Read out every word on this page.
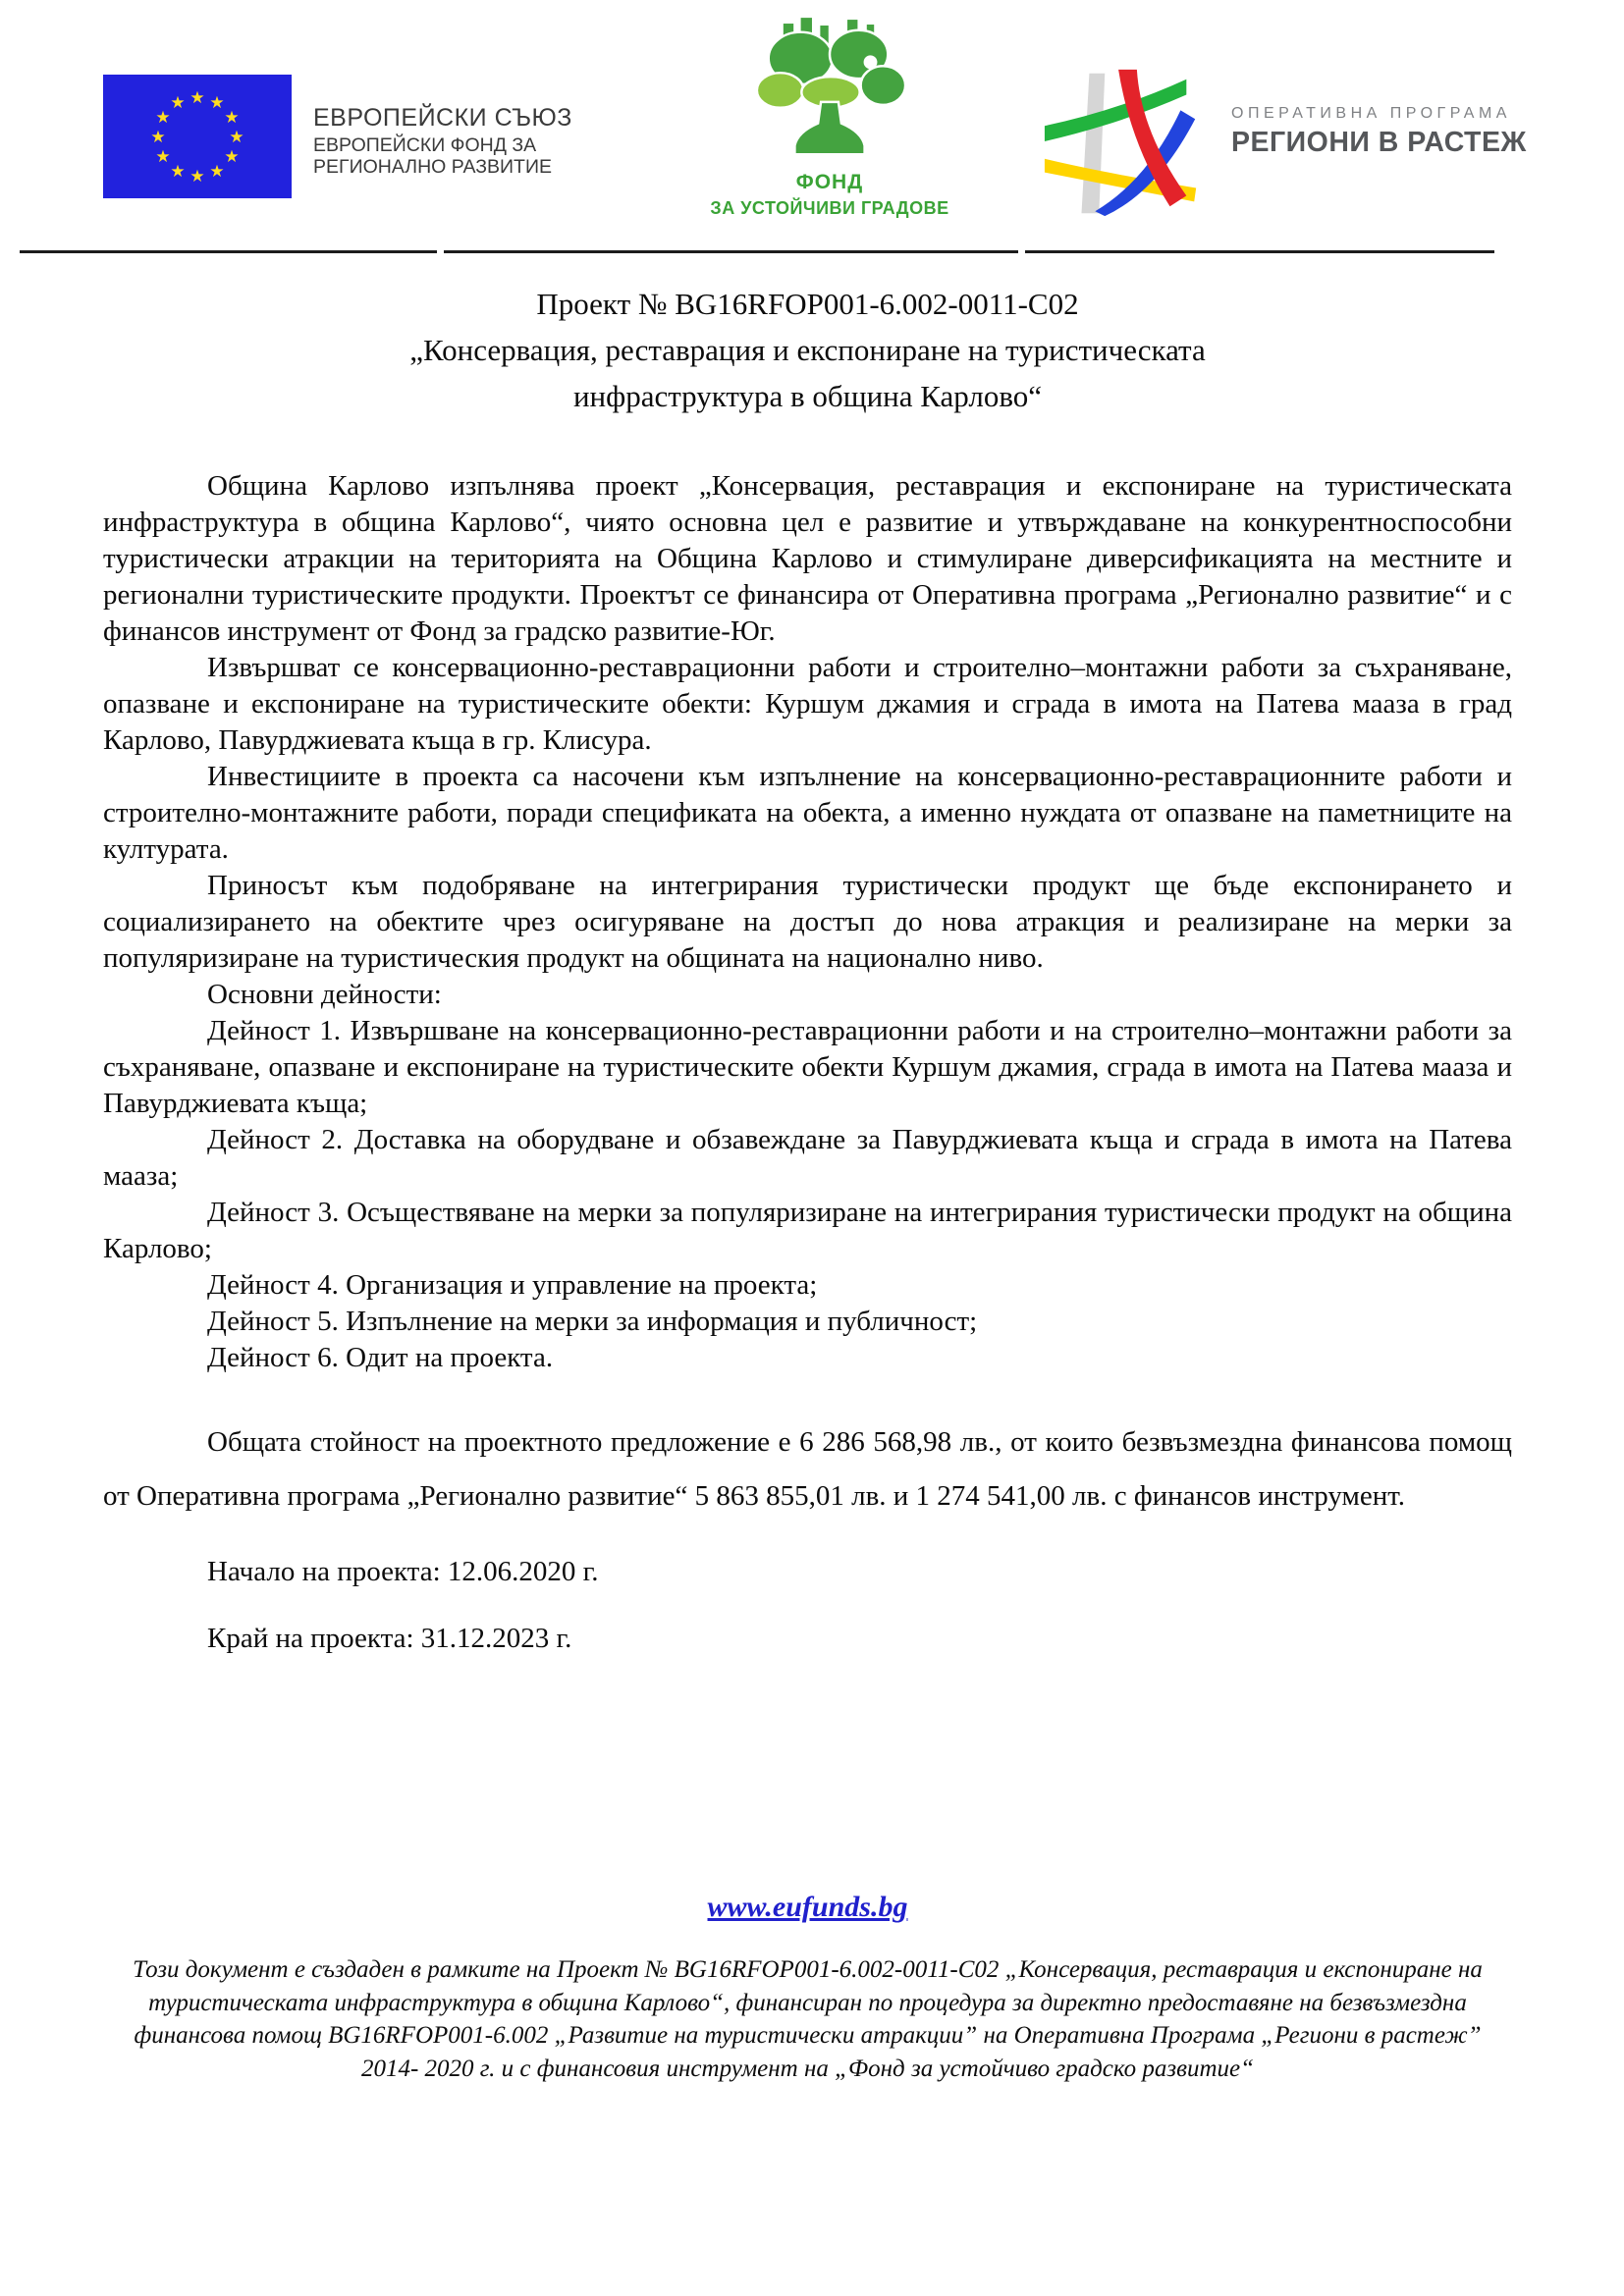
★ ★
★
★
★
★
★
★
★
★
★
★
ЕВРОПЕЙСКИ СЪЮЗ
ЕВРОПЕЙСКИ ФОНД ЗА
РЕГИОНАЛНО РАЗВИТИЕ
ФОНД
ЗА УСТОЙЧИВИ ГРАДОВЕ
ОПЕРАТИВНА ПРОГРАМА
РЕГИОНИ В РАСТЕЖ
Проект № BG16RFOP001-6.002-0011-C02
„Консервация, реставрация и експониране на туристическата
инфраструктура в община Карлово“

Община Карлово изпълнява проект „Консервация, реставрация и експониране на туристическата инфраструктура в община Карлово“, чиято основна цел е развитие и утвърждаване на конкурентноспособни туристически атракции на територията на Община Карлово и стимулиране диверсификацията на местните и регионални туристическите продукти. Проектът се финансира от Оперативна програма „Регионално развитие“ и с финансов инструмент от Фонд за градско развитие-Юг.

Извършват се консервационно-реставрационни работи и строително–монтажни работи за съхраняване, опазване и експониране на туристическите обекти: Куршум джамия и сграда в имота на Патева мааза в град Карлово, Павурджиевата къща в гр. Клисура.

Инвестициите в проекта са насочени към изпълнение на консервационно-реставрационните работи и строително-монтажните работи, поради спецификата на обекта, а именно нуждата от опазване на паметниците на културата.

Приносът към подобряване на интегрирания туристически продукт ще бъде експонирането и социализирането на обектите чрез осигуряване на достъп до нова атракция и реализиране на мерки за популяризиране на туристическия продукт на общината на национално ниво.

Основни дейности:

Дейност 1. Извършване на консервационно-реставрационни работи и на строително–монтажни работи за съхраняване, опазване и експониране на туристическите обекти Куршум джамия, сграда в имота на Патева мааза и Павурджиевата къща;

Дейност 2. Доставка на оборудване и обзавеждане за Павурджиевата къща и сграда в имота на Патева мааза;

Дейност 3. Осъществяване на мерки за популяризиране на интегрирания туристически продукт на община Карлово;

Дейност 4. Организация и управление на проекта;

Дейност 5. Изпълнение на мерки за информация и публичност;

Дейност 6. Одит на проекта.

Общата стойност на проектното предложение е 6 286 568,98 лв., от които безвъзмездна финансова помощ от Оперативна програма „Регионално развитие“ 5 863 855,01 лв. и 1 274 541,00 лв. с финансов инструмент.

Начало на проекта: 12.06.2020 г.

Край на проекта: 31.12.2023 г.

www.eufunds.bg
Този документ е създаден в рамките на Проект № BG16RFOP001-6.002-0011-C02 „Консервация, реставрация и експониране на туристическата инфраструктура в община Карлово“, финансиран по процедура за директно предоставяне на безвъзмездна финансова помощ BG16RFOP001-6.002 „Развитие на туристически атракции” на Оперативна Програма „Региони в растеж” 2014- 2020 г. и с финансовия инструмент на „Фонд за устойчиво градско развитие“
